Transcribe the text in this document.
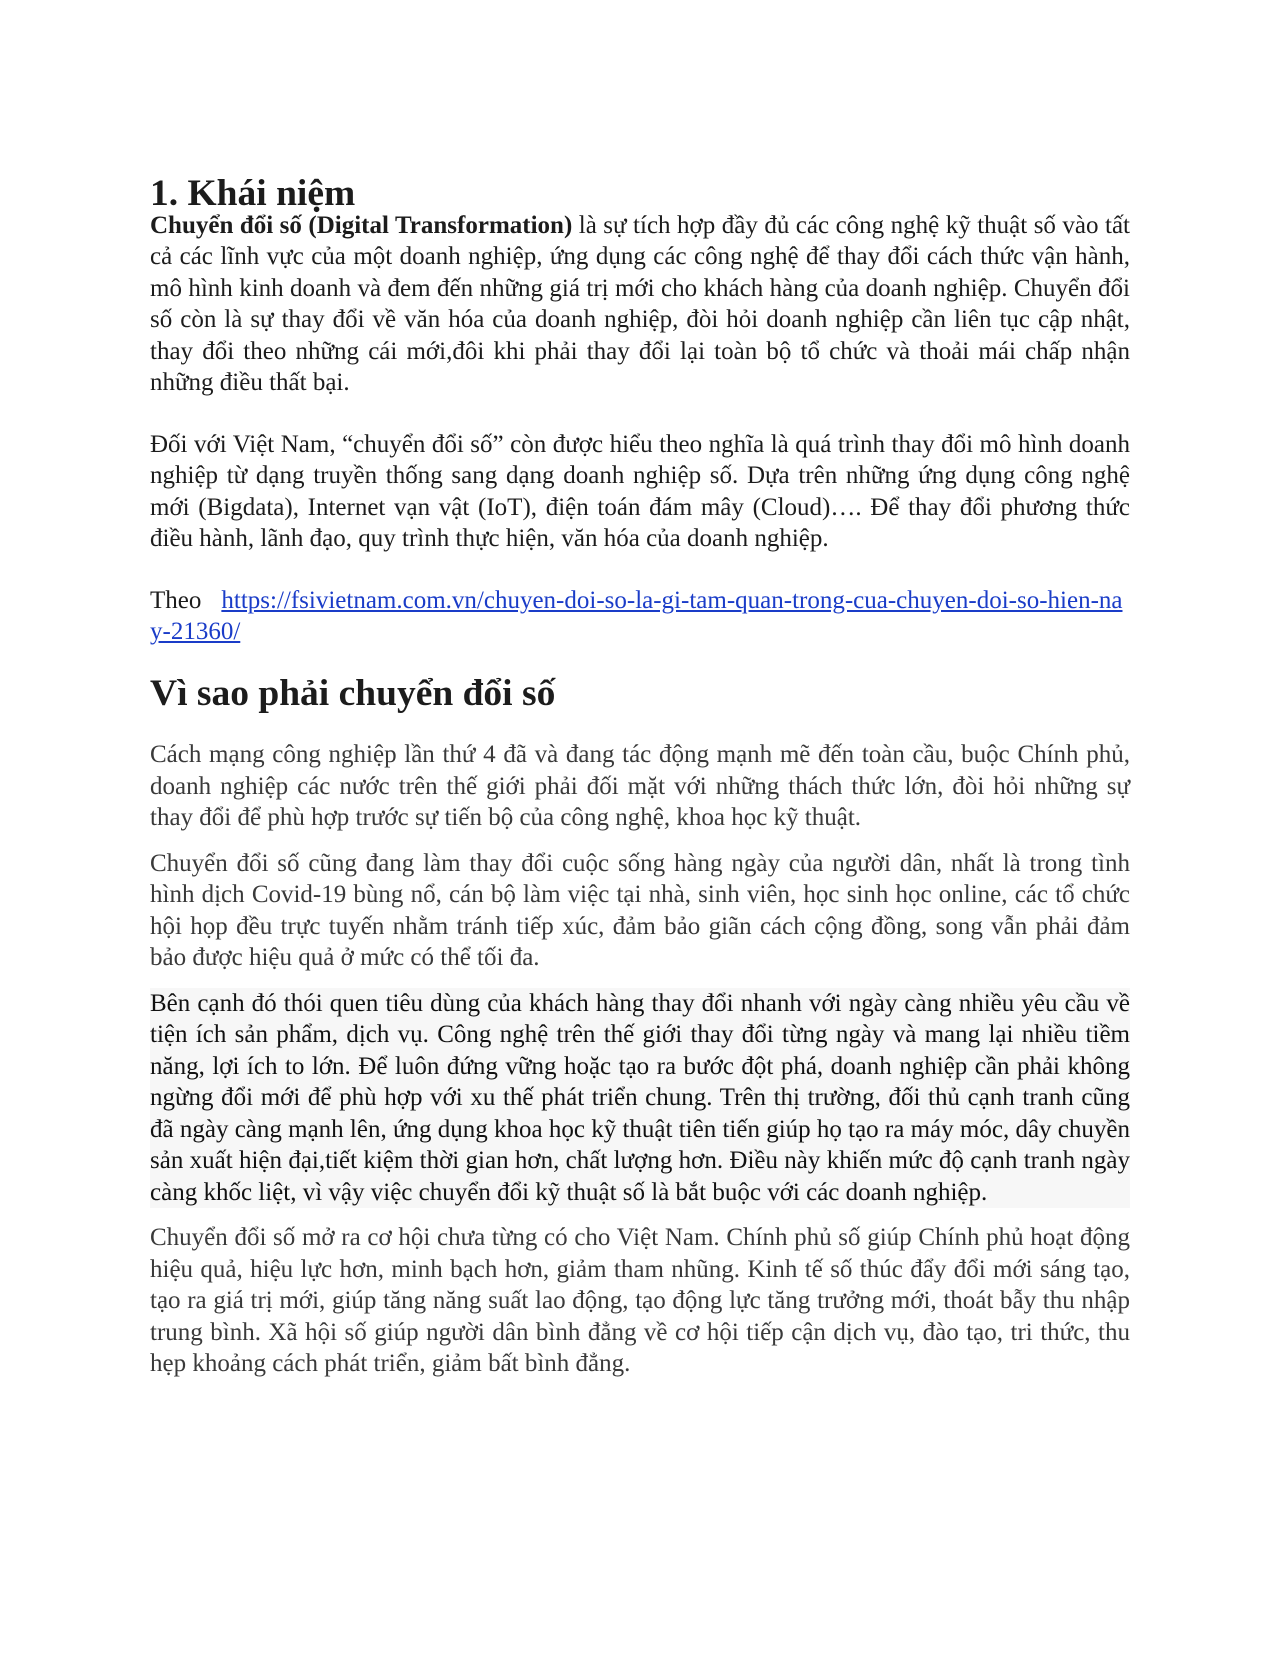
1. Khái niệm

Chuyển đổi số (Digital Transformation) là sự tích hợp đầy đủ các công nghệ kỹ thuật số vào tất cả các lĩnh vực của một doanh nghiệp, ứng dụng các công nghệ để thay đổi cách thức vận hành, mô hình kinh doanh và đem đến những giá trị mới cho khách hàng của doanh nghiệp. Chuyển đổi số còn là sự thay đổi về văn hóa của doanh nghiệp, đòi hỏi doanh nghiệp cần liên tục cập nhật, thay đổi theo những cái mới,đôi khi phải thay đổi lại toàn bộ tổ chức và thoải mái chấp nhận những điều thất bại.

Đối với Việt Nam, “chuyển đổi số” còn được hiểu theo nghĩa là quá trình thay đổi mô hình doanh nghiệp từ dạng truyền thống sang dạng doanh nghiệp số. Dựa trên những ứng dụng công nghệ mới (Bigdata), Internet vạn vật (IoT), điện toán đám mây (Cloud)…. Để thay đổi phương thức điều hành, lãnh đạo, quy trình thực hiện, văn hóa của doanh nghiệp.

Theo https://fsivietnam.com.vn/chuyen-doi-so-la-gi-tam-quan-trong-cua-chuyen-doi-so-hien-nay-21360/

Vì sao phải chuyển đổi số

Cách mạng công nghiệp lần thứ 4 đã và đang tác động mạnh mẽ đến toàn cầu, buộc Chính phủ, doanh nghiệp các nước trên thế giới phải đối mặt với những thách thức lớn, đòi hỏi những sự thay đổi để phù hợp trước sự tiến bộ của công nghệ, khoa học kỹ thuật.

Chuyển đổi số cũng đang làm thay đổi cuộc sống hàng ngày của người dân, nhất là trong tình hình dịch Covid-19 bùng nổ, cán bộ làm việc tại nhà, sinh viên, học sinh học online, các tổ chức hội họp đều trực tuyến nhằm tránh tiếp xúc, đảm bảo giãn cách cộng đồng, song vẫn phải đảm bảo được hiệu quả ở mức có thể tối đa.

Bên cạnh đó thói quen tiêu dùng của khách hàng thay đổi nhanh với ngày càng nhiều yêu cầu về tiện ích sản phẩm, dịch vụ. Công nghệ trên thế giới thay đổi từng ngày và mang lại nhiều tiềm năng, lợi ích to lớn. Để luôn đứng vững hoặc tạo ra bước đột phá, doanh nghiệp cần phải không ngừng đổi mới để phù hợp với xu thế phát triển chung. Trên thị trường, đối thủ cạnh tranh cũng đã ngày càng mạnh lên, ứng dụng khoa học kỹ thuật tiên tiến giúp họ tạo ra máy móc, dây chuyền sản xuất hiện đại,tiết kiệm thời gian hơn, chất lượng hơn. Điều này khiến mức độ cạnh tranh ngày càng khốc liệt, vì vậy việc chuyển đổi kỹ thuật số là bắt buộc với các doanh nghiệp.

Chuyển đổi số mở ra cơ hội chưa từng có cho Việt Nam. Chính phủ số giúp Chính phủ hoạt động hiệu quả, hiệu lực hơn, minh bạch hơn, giảm tham nhũng. Kinh tế số thúc đẩy đổi mới sáng tạo, tạo ra giá trị mới, giúp tăng năng suất lao động, tạo động lực tăng trưởng mới, thoát bẫy thu nhập trung bình. Xã hội số giúp người dân bình đẳng về cơ hội tiếp cận dịch vụ, đào tạo, tri thức, thu hẹp khoảng cách phát triển, giảm bất bình đẳng.
